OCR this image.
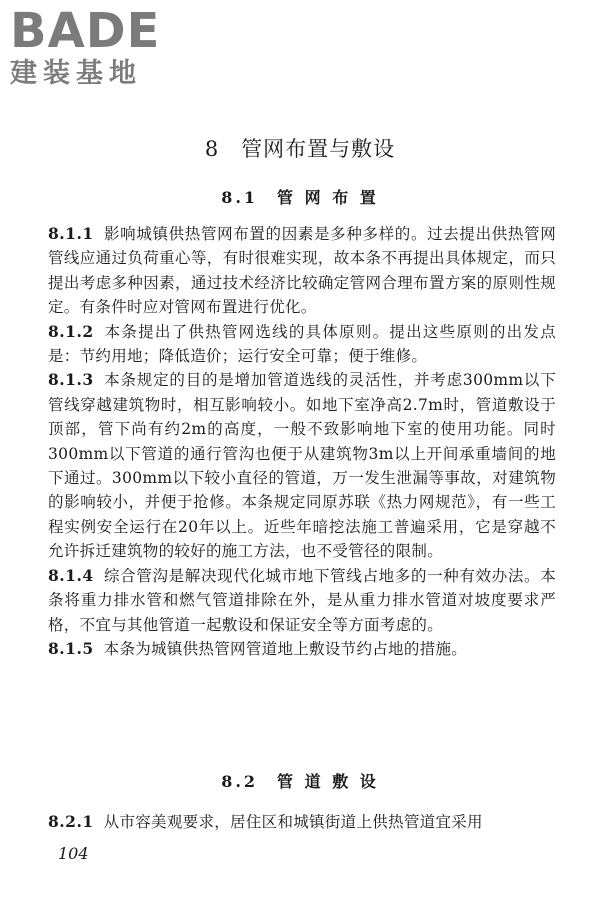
BADE
建装基地
8　管网布置与敷设
8.1　管 网 布 置

8.1.1 影响城镇供热管网布置的因素是多种多样的。过去提出供热管网管线应通过负荷重心等，有时很难实现，故本条不再提出具体规定，而只提出考虑多种因素，通过技术经济比较确定管网合理布置方案的原则性规定。有条件时应对管网布置进行优化。

8.1.2 本条提出了供热管网选线的具体原则。提出这些原则的出发点是：节约用地；降低造价；运行安全可靠；便于维修。

8.1.3 本条规定的目的是增加管道选线的灵活性，并考虑300mm以下管线穿越建筑物时，相互影响较小。如地下室净高2.7m时，管道敷设于顶部，管下尚有约2m的高度，一般不致影响地下室的使用功能。同时300mm以下管道的通行管沟也便于从建筑物3m以上开间承重墙间的地下通过。300mm以下较小直径的管道，万一发生泄漏等事故，对建筑物的影响较小，并便于抢修。本条规定同原苏联《热力网规范》，有一些工程实例安全运行在20年以上。近些年暗挖法施工普遍采用，它是穿越不允许拆迁建筑物的较好的施工方法，也不受管径的限制。

8.1.4 综合管沟是解决现代化城市地下管线占地多的一种有效办法。本条将重力排水管和燃气管道排除在外，是从重力排水管道对坡度要求严格，不宜与其他管道一起敷设和保证安全等方面考虑的。

8.1.5 本条为城镇供热管网管道地上敷设节约占地的措施。

8.2　管 道 敷 设

8.2.1 从市容美观要求，居住区和城镇街道上供热管道宜采用

104
